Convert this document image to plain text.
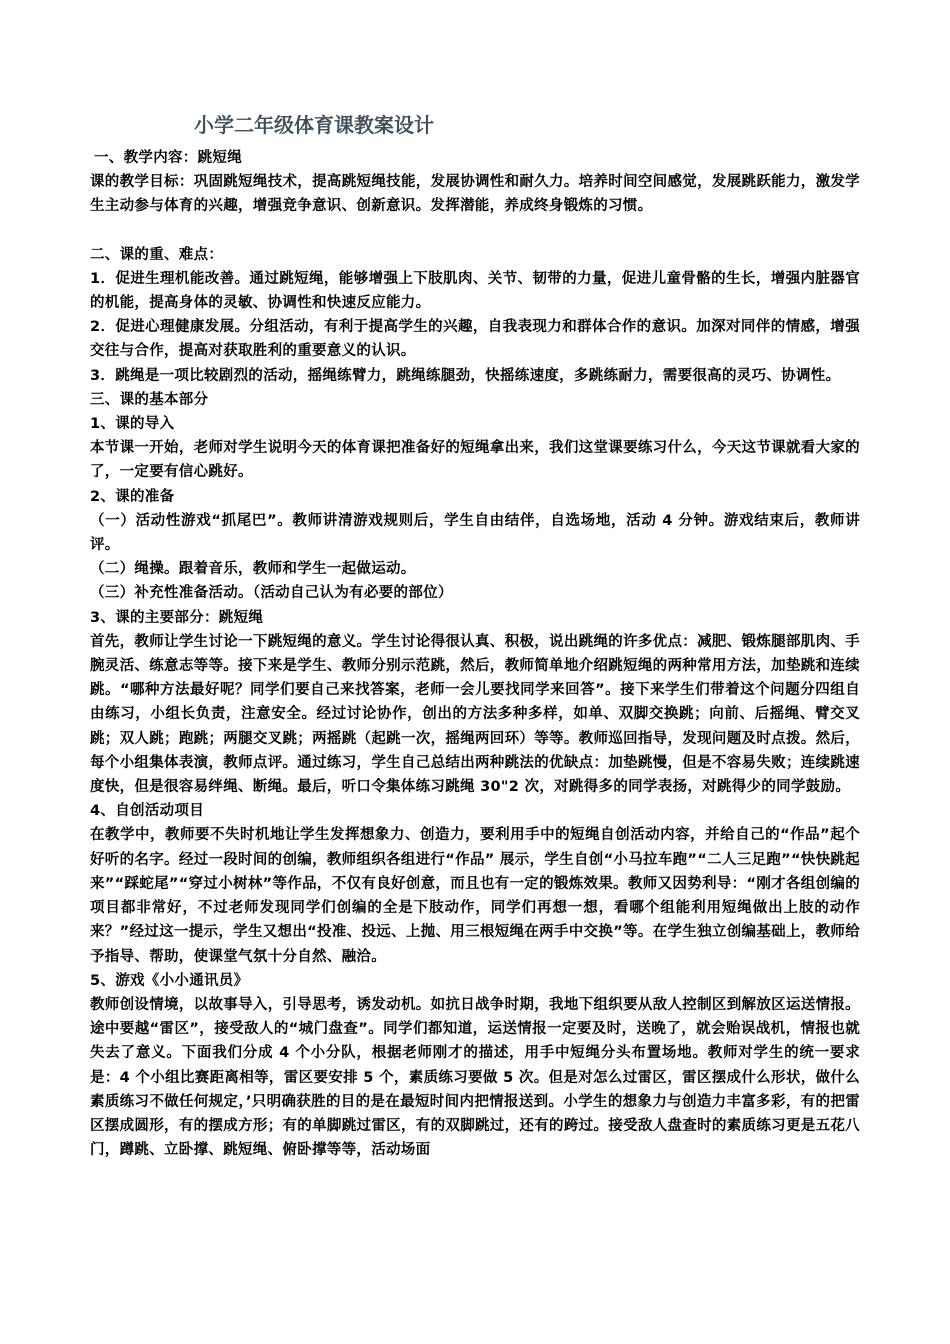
小学二年级体育课教案设计
一、教学内容：跳短绳
课的教学目标：巩固跳短绳技术，提高跳短绳技能，发展协调性和耐久力。培养时间空间感觉，发展跳跃能力，激发学生主动参与体育的兴趣，增强竞争意识、创新意识。发挥潜能，养成终身锻炼的习惯。
二、课的重、难点：
1．促进生理机能改善。通过跳短绳，能够增强上下肢肌肉、关节、韧带的力量，促进儿童骨骼的生长，增强内脏器官的机能，提高身体的灵敏、协调性和快速反应能力。
2．促进心理健康发展。分组活动，有利于提高学生的兴趣，自我表现力和群体合作的意识。加深对同伴的情感，增强交往与合作，提高对获取胜利的重要意义的认识。
3．跳绳是一项比较剧烈的活动，摇绳练臂力，跳绳练腿劲，快摇练速度，多跳练耐力，需要很高的灵巧、协调性。
三、课的基本部分
1、课的导入
本节课一开始，老师对学生说明今天的体育课把准备好的短绳拿出来，我们这堂课要练习什么，今天这节课就看大家的了，一定要有信心跳好。
2、课的准备
（一）活动性游戏“抓尾巴”。教师讲清游戏规则后，学生自由结伴，自选场地，活动 4 分钟。游戏结束后，教师讲评。
（二）绳操。跟着音乐，教师和学生一起做运动。
（三）补充性准备活动。（活动自己认为有必要的部位）
3、课的主要部分：跳短绳
首先，教师让学生讨论一下跳短绳的意义。学生讨论得很认真、积极，说出跳绳的许多优点：减肥、锻炼腿部肌肉、手腕灵活、练意志等等。接下来是学生、教师分别示范跳，然后，教师简单地介绍跳短绳的两种常用方法，加垫跳和连续跳。“哪种方法最好呢？同学们要自己来找答案，老师一会儿要找同学来回答”。接下来学生们带着这个问题分四组自由练习，小组长负责，注意安全。经过讨论协作，创出的方法多种多样，如单、双脚交换跳；向前、后摇绳、臂交叉跳；双人跳；跑跳；两腿交叉跳；两摇跳（起跳一次，摇绳两回环）等等。教师巡回指导，发现问题及时点拨。然后，每个小组集体表演，教师点评。通过练习，学生自己总结出两种跳法的优缺点：加垫跳慢，但是不容易失败；连续跳速度快，但是很容易绊绳、断绳。最后，听口令集体练习跳绳 30"2 次，对跳得多的同学表扬，对跳得少的同学鼓励。
4、自创活动项目
在教学中，教师要不失时机地让学生发挥想象力、创造力，要利用手中的短绳自创活动内容，并给自己的“作品”起个好听的名字。经过一段时间的创编，教师组织各组进行“作品” 展示，学生自创“小马拉车跑”“二人三足跑”“快快跳起来”“踩蛇尾”“穿过小树林”等作品，不仅有良好创意，而且也有一定的锻炼效果。教师又因势利导：“刚才各组创编的项目都非常好，不过老师发现同学们创编的全是下肢动作，同学们再想一想，看哪个组能利用短绳做出上肢的动作来？”经过这一提示，学生又想出“投准、投远、上抛、用三根短绳在两手中交换”等。在学生独立创编基础上，教师给予指导、帮助，使课堂气氛十分自然、融洽。
5、游戏《小小通讯员》
教师创设情境，以故事导入，引导思考，诱发动机。如抗日战争时期，我地下组织要从敌人控制区到解放区运送情报。途中要越“雷区”，接受敌人的“城门盘查”。同学们都知道，运送情报一定要及时，送晚了，就会贻误战机，情报也就失去了意义。下面我们分成 4 个小分队，根据老师刚才的描述，用手中短绳分头布置场地。教师对学生的统一要求是：4 个小组比赛距离相等，雷区要安排 5 个，素质练习要做 5 次。但是对怎么过雷区，雷区摆成什么形状，做什么素质练习不做任何规定，’只明确获胜的目的是在最短时间内把情报送到。小学生的想象力与创造力丰富多彩，有的把雷区摆成圆形，有的摆成方形；有的单脚跳过雷区，有的双脚跳过，还有的跨过。接受敌人盘查时的素质练习更是五花八门，蹲跳、立卧撑、跳短绳、俯卧撑等等，活动场面
